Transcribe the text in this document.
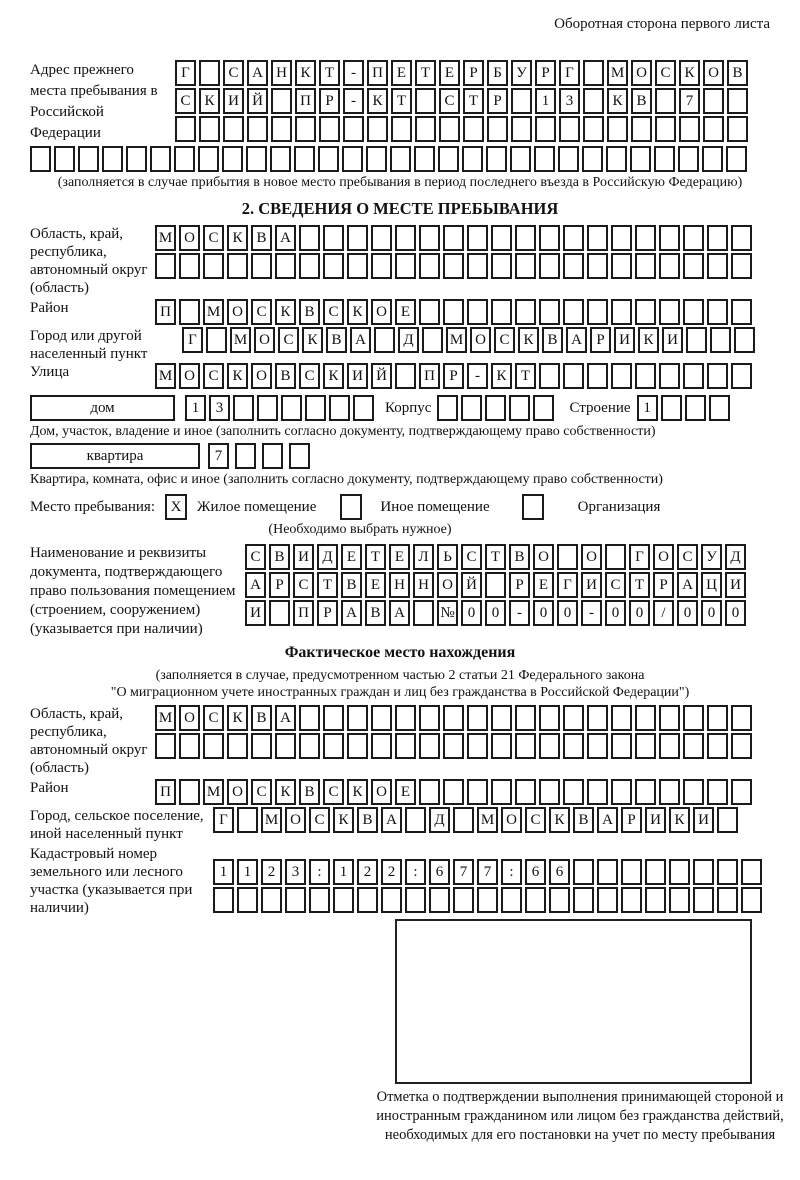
Оборотная сторона первого листа
Адрес прежнего места пребывания в Российской Федерации
Г	С А Н К Т	-	П Е Т Е	Р	Б У Р	Г	М О С К О В
С К И Й	П Р	-	К Т	С Т	Р	1	3	К В	7
(заполняется в случае прибытия в новое место пребывания в период последнего въезда в Российскую Федерацию)
2. СВЕДЕНИЯ О МЕСТЕ ПРЕБЫВАНИЯ
Область, край, республика, автономный округ (область)
М О С К В А
Район	П	М О С К В С К О Е
Город или другой населенный пункт
Г	М О С К В А	Д	М О С К В А Р И К И
Улица	М О С К О В С К И Й	П Р	-	К Т
дом	1	3	Корпус	Строение 1
Дом, участок, владение и иное (заполнить согласно документу, подтверждающему право собственности)
квартира	7
Квартира, комната, офис и иное (заполнить согласно документу, подтверждающему право собственности)
Место пребывания:	X	Жилое помещение	Иное помещение	Организация
(Необходимо выбрать нужное)
Наименование и реквизиты документа, подтверждающего право пользования помещением (строением, сооружением) (указывается при наличии)
С В И Д Е Т Е Л Ь С Т В О	О	Г О С У Д
А Р С Т В Е Н Н О Й	Р	Е	Г И С Т	Р А Ц И
И	П Р А В А	№ 0	0	-	0	0	-	0	0	/	0	0	0
Фактическое место нахождения
(заполняется в случае, предусмотренном частью 2 статьи 21 Федерального закона
"О миграционном учете иностранных граждан и лиц без гражданства в Российской Федерации")
Область, край, республика, автономный округ (область)
М О С К В А
Район	П	М О С К В С К О Е
Город, сельское поселение, иной населенный пункт
Г	М О С К В А	Д	М О С К В А Р И К И
Кадастровый номер земельного или лесного участка (указывается при наличии)
1	1	2	3	:	1	2	2	:	6	7	7	:	6	6
Отметка о подтверждении выполнения принимающей стороной и иностранным гражданином или лицом без гражданства действий, необходимых для его постановки на учет по месту пребывания
